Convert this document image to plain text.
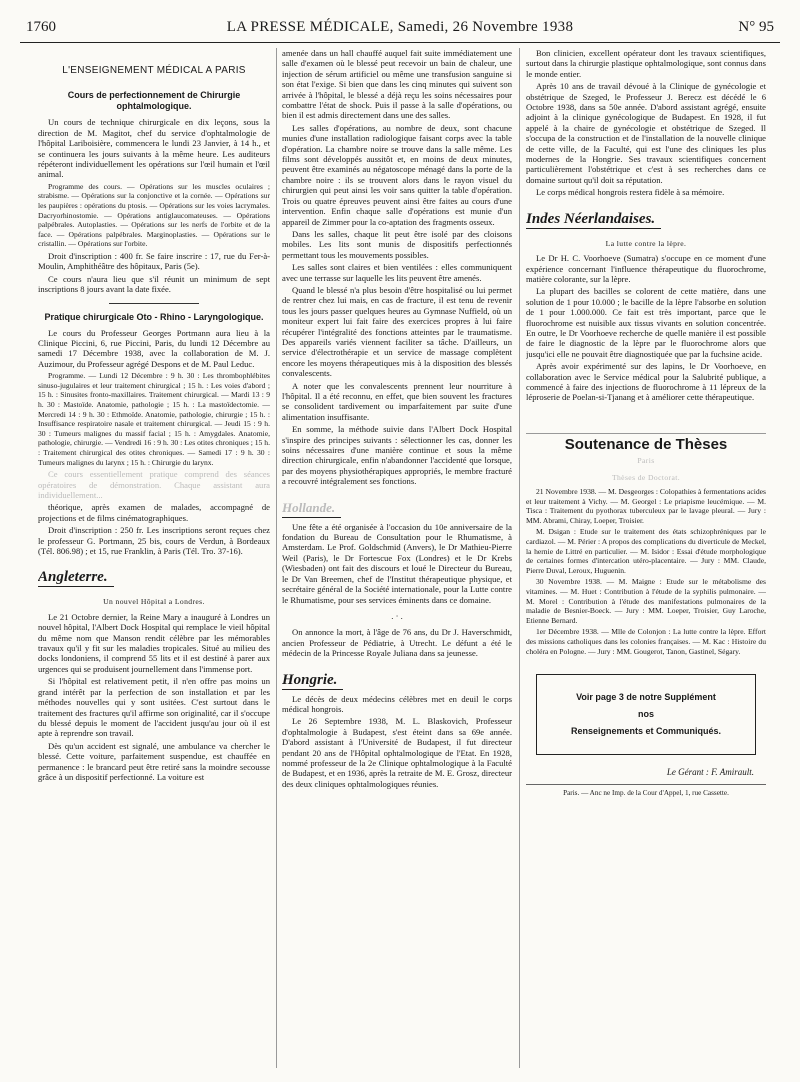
1760	LA PRESSE MÉDICALE, Samedi, 26 Novembre 1938	N° 95
L'ENSEIGNEMENT MÉDICAL A PARIS
Cours de perfectionnement de Chirurgie ophtalmologique.

Un cours de technique chirurgicale en dix leçons, sous la direction de M. Magitot, chef du service d'ophtalmologie de l'hôpital Lariboisière, commencera le lundi 23 Janvier, à 14 h., et se continuera les jours suivants à la même heure. Les auditeurs répéteront individuellement les opérations sur l'œil humain et l'œil animal.

Programme des cours. — Opérations sur les muscles oculaires ; strabisme. — Opérations sur la conjonctive et la cornée. — Opérations sur les paupières : opérations du ptosis. — Opérations sur les voies lacrymales. Dacryorhinostomie. — Opérations antiglaucomateuses. — Opérations palpébrales. Autoplasties. — Opérations sur les nerfs de l'orbite et de la face. — Opérations palpébrales. Marginoplasties. — Opérations sur le cristallin. — Opérations sur l'orbite.

Droit d'inscription : 400 fr. Se faire inscrire : 17, rue du Fer-à-Moulin, Amphithéâtre des hôpitaux, Paris (5e).

Ce cours n'aura lieu que s'il réunit un minimum de sept inscriptions 8 jours avant la date fixée.

Pratique chirurgicale Oto - Rhino - Laryngologique.

Le cours du Professeur Georges Portmann aura lieu à la Clinique Piccini, 6, rue Piccini, Paris, du lundi 12 Décembre au samedi 17 Décembre 1938, avec la collaboration de M. J. Auzimour, du Professeur agrégé Despons et de M. Paul Leduc.

Programme. — Lundi 12 Décembre : 9 h. 30 : Les thrombophlébites sinuso-jugulaires et leur traitement chirurgical ; 15 h. : Les voies d'abord ; 15 h. : Sinusites fronto-maxillaires. Traitement chirurgical. — Mardi 13 : 9 h. 30 : Mastoïde. Anatomie, pathologie ; 15 h. : La mastoïdectomie. — Mercredi 14 : 9 h. 30 : Ethmoïde. Anatomie, pathologie, chirurgie ; 15 h. : Insuffisance respiratoire nasale et traitement chirurgical. — Jeudi 15 : 9 h. 30 : Tumeurs malignes du massif facial ; 15 h. : Amygdales. Anatomie, pathologie, chirurgie. — Vendredi 16 : 9 h. 30 : Les otites chroniques ; 15 h. : Traitement chirurgical des otites chroniques. — Samedi 17 : 9 h. 30 : Tumeurs malignes du larynx ; 15 h. : Chirurgie du larynx.

Ce cours essentiellement pratique comprend des séances opératoires de démonstration. Chaque assistant aura individuellement...

théorique, après examen de malades, accompagné de projections et de films cinématographiques.

Droit d'inscription : 250 fr. Les inscriptions seront reçues chez le professeur G. Portmann, 25 bis, cours de Verdun, à Bordeaux (Tél. 806.98) ; et 15, rue Franklin, à Paris (Tél. Tro. 37-16).

Angleterre.
Un nouvel Hôpital a Londres.

Le 21 Octobre dernier, la Reine Mary a inauguré à Londres un nouvel hôpital, l'Albert Dock Hospital qui remplace le vieil hôpital du même nom que Manson rendit célèbre par les mémorables travaux qu'il y fit sur les maladies tropicales. Situé au milieu des docks londoniens, il comprend 55 lits et il est destiné à parer aux urgences qui se produisent journellement dans l'immense port.

Si l'hôpital est relativement petit, il n'en offre pas moins un grand intérêt par la perfection de son installation et par les méthodes nouvelles qui y sont usitées. C'est surtout dans le traitement des fractures qu'il affirme son originalité, car il s'occupe du blessé depuis le moment de l'accident jusqu'au jour où il est apte à reprendre son travail.

Dès qu'un accident est signalé, une ambulance va chercher le blessé. Cette voiture, parfaitement suspendue, est chauffée en permanence : le brancard peut être retiré sans la moindre secousse grâce à un dispositif perfectionné. La voiture est

amenée dans un hall chauffé auquel fait suite immédiatement une salle d'examen où le blessé peut recevoir un bain de chaleur, une injection de sérum artificiel ou même une transfusion sanguine si son état l'exige. Si bien que dans les cinq minutes qui suivent son arrivée à l'hôpital, le blessé a déjà reçu les soins nécessaires pour combattre l'état de shock. Puis il passe à la salle d'opérations, ou bien il est admis directement dans une des salles.

Les salles d'opérations, au nombre de deux, sont chacune munies d'une installation radiologique faisant corps avec la table d'opération. La chambre noire se trouve dans la salle même. Les films sont développés aussitôt et, en moins de deux minutes, peuvent être examinés au négatoscope ménagé dans la porte de la chambre noire : ils se trouvent alors dans le rayon visuel du chirurgien qui peut ainsi les voir sans quitter la table d'opération. Trois ou quatre épreuves peuvent ainsi être faites au cours d'une intervention. Enfin chaque salle d'opérations est munie d'un appareil de Zimmer pour la co-aptation des fragments osseux.

Dans les salles, chaque lit peut être isolé par des cloisons mobiles. Les lits sont munis de dispositifs perfectionnés permettant tous les mouvements possibles.

Les salles sont claires et bien ventilées : elles communiquent avec une terrasse sur laquelle les lits peuvent être amenés.

Quand le blessé n'a plus besoin d'être hospitalisé ou lui permet de rentrer chez lui mais, en cas de fracture, il est tenu de revenir tous les jours passer quelques heures au Gymnase Nuffield, où un moniteur expert lui fait faire des exercices propres à lui faire récupérer l'intégralité des fonctions atteintes par le traumatisme. Des appareils variés viennent faciliter sa tâche. D'ailleurs, un service d'électrothérapie et un service de massage complètent encore les moyens thérapeutiques mis à la disposition des blessés convalescents.

A noter que les convalescents prennent leur nourriture à l'hôpital. Il a été reconnu, en effet, que bien souvent les fractures se consolident tardivement ou imparfaitement par suite d'une alimentation insuffisante.

En somme, la méthode suivie dans l'Albert Dock Hospital s'inspire des principes suivants : sélectionner les cas, donner les soins nécessaires d'une manière continue et sous la même direction chirurgicale, enfin n'abandonner l'accidenté que lorsque, par des moyens physiothérapiques appropriés, le membre fracturé a recouvré intégralement ses fonctions.

Hollande.

Une fête a été organisée à l'occasion du 10e anniversaire de la fondation du Bureau de Consultation pour le Rhumatisme, à Amsterdam. Le Prof. Goldschmid (Anvers), le Dr Mathieu-Pierre Weil (Paris), le Dr Fortescue Fox (Londres) et le Dr Krebs (Wiesbaden) ont fait des discours et loué le Directeur du Bureau, le Dr Van Breemen, chef de l'Institut thérapeutique physique, et secrétaire général de la Société internationale, pour la Lutte contre le Rhumatisme, pour ses services éminents dans ce domaine.

. · .

On annonce la mort, à l'âge de 76 ans, du Dr J. Haverschmidt, ancien Professeur de Pédiatrie, à Utrecht. Le défunt a été le médecin de la Princesse Royale Juliana dans sa jeunesse.

Hongrie.

Le décès de deux médecins célèbres met en deuil le corps médical hongrois.

Le 26 Septembre 1938, M. L. Blaskovich, Professeur d'ophtalmologie à Budapest, s'est éteint dans sa 69e année. D'abord assistant à l'Université de Budapest, il fut directeur pendant 20 ans de l'Hôpital ophtalmologique de l'Etat. En 1928, nommé professeur de la 2e Clinique ophtalmologique à la Faculté de Budapest, et en 1936, après la retraite de M. E. Grosz, directeur des deux cliniques ophtalmologiques réunies.

Bon clinicien, excellent opérateur dont les travaux scientifiques, surtout dans la chirurgie plastique ophtalmologique, sont connus dans le monde entier.

Après 10 ans de travail dévoué à la Clinique de gynécologie et obstétrique de Szeged, le Professeur J. Berecz est décédé le 6 Octobre 1938, dans sa 50e année. D'abord assistant agrégé, ensuite adjoint à la clinique gynécologique de Budapest. En 1928, il fut appelé à la chaire de gynécologie et obstétrique de Szeged. Il s'occupa de la construction et de l'installation de la nouvelle clinique de cette ville, de la Faculté, qui est l'une des cliniques les plus modernes de la Hongrie. Ses travaux scientifiques concernent particulièrement l'obstétrique et c'est à ses recherches dans ce domaine surtout qu'il doit sa réputation.

Le corps médical hongrois restera fidèle à sa mémoire.

Indes Néerlandaises.
La lutte contre la lèpre.

Le Dr H. C. Voorhoeve (Sumatra) s'occupe en ce moment d'une expérience concernant l'influence thérapeutique du fluorochrome, matière colorante, sur la lèpre.

La plupart des bacilles se colorent de cette matière, dans une solution de 1 pour 10.000 ; le bacille de la lèpre l'absorbe en solution de 1 pour 1.000.000. Ce fait est très important, parce que le fluorochrome est nuisible aux tissus vivants en solution concentrée. En outre, le Dr Voorhoeve recherche de quelle manière il est possible de faire le diagnostic de la lèpre par le fluorochrome alors que jusqu'ici elle ne pouvait être diagnostiquée que par la fuchsine acide.

Après avoir expérimenté sur des lapins, le Dr Voorhoeve, en collaboration avec le Service médical pour la Salubrité publique, a commencé à faire des injections de fluorochrome à 11 lépreux de la léproserie de Poelan-si-Tjanang et à améliorer cette thérapeutique.

Soutenance de Thèses
Paris
Thèses de Doctorat.

21 Novembre 1938. — M. Desgeorges : Colopathies à fermentations acides et leur traitement à Vichy. — M. Georgel : Le priapisme leucémique. — M. Tisca : Traitement du pyothorax tuberculeux par le lavage pleural. — Jury : MM. Abrami, Chiray, Loeper, Troisier.

M. Dsigan : Etude sur le traitement des états schizophréniques par le cardiazol. — M. Périer : A propos des complications du diverticule de Meckel, la hernie de Littré en particulier. — M. Isidor : Essai d'étude morphologique de certaines formes d'intercation utéro-placentaire. — Jury : MM. Claude, Pierre Duval, Leroux, Huguenin.

30 Novembre 1938. — M. Maigne : Etude sur le métabolisme des vitamines. — M. Huet : Contribution à l'étude de la syphilis pulmonaire. — M. Morel : Contribution à l'étude des manifestations pulmonaires de la maladie de Besnier-Boeck. — Jury : MM. Loeper, Troisier, Guy Laroche, Etienne Bernard.

1er Décembre 1938. — Mlle de Colonjon : La lutte contre la lèpre. Effort des missions catholiques dans les colonies françaises. — M. Kac : Histoire du choléra en Pologne. — Jury : MM. Gougerot, Tanon, Gastinel, Ségary.

Voir page 3 de notre Supplément
nos
Renseignements et Communiqués.
Le Gérant : F. Amirault.
Paris. — Anc ne Imp. de la Cour d'Appel, 1, rue Cassette.
